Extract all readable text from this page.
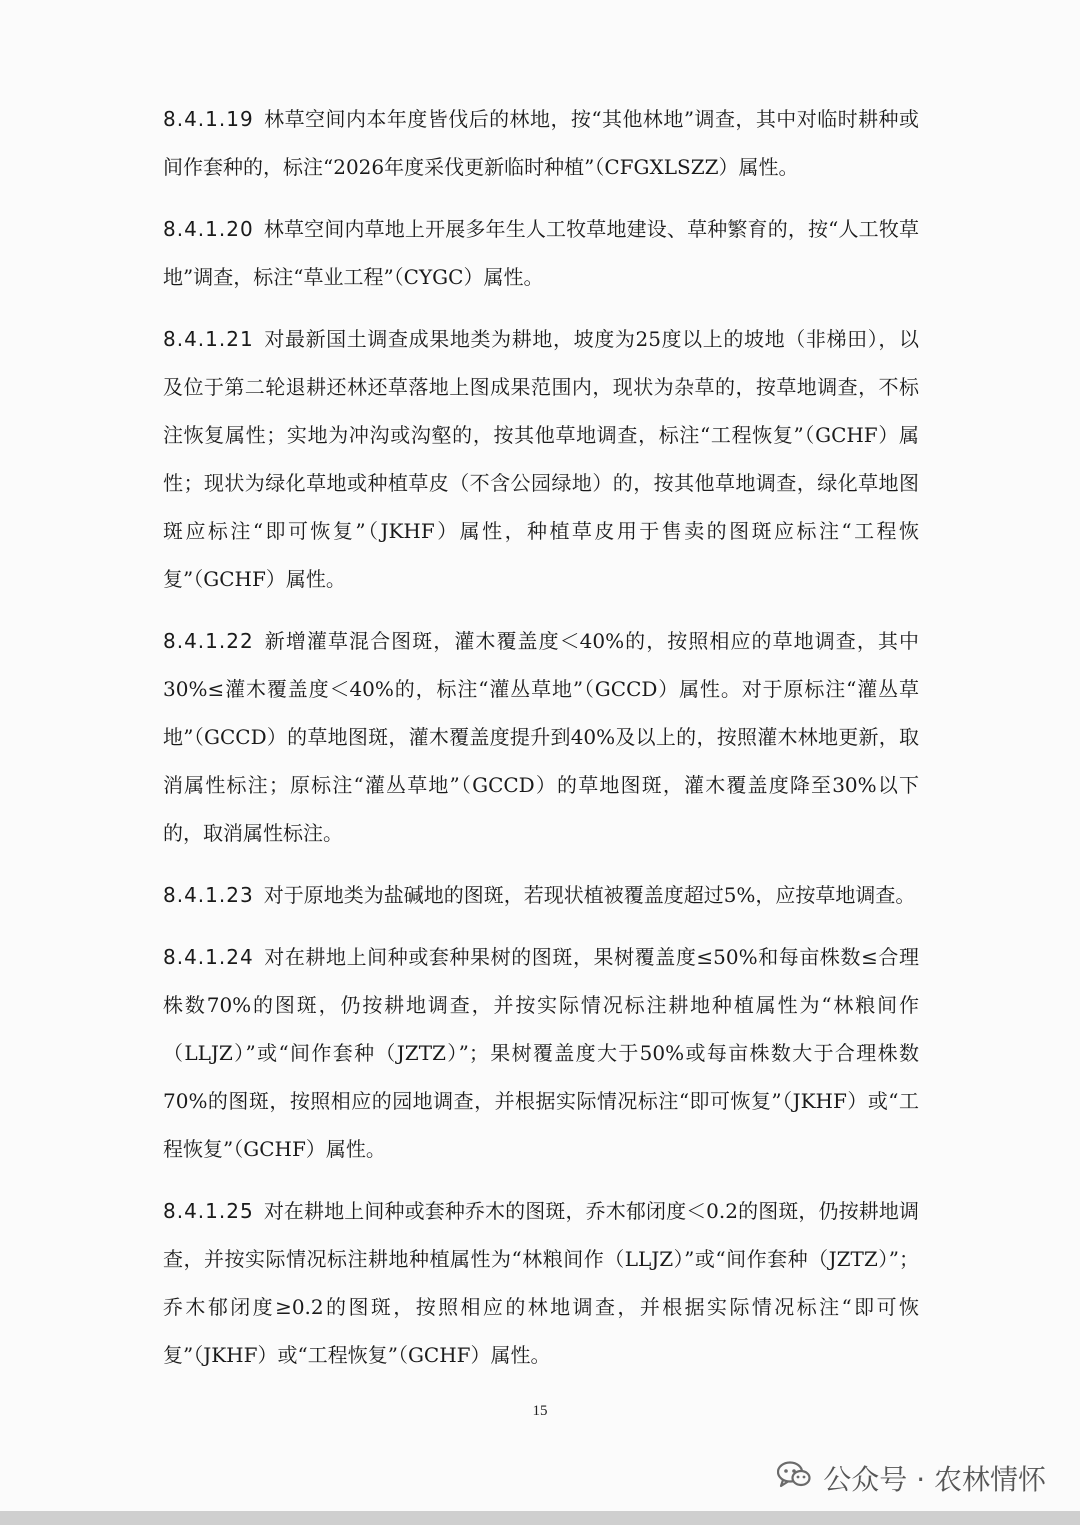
8.4.1.19 林草空间内本年度皆伐后的林地，按“其他林地”调查，其中对临时耕种或间作套种的，标注“2026年度采伐更新临时种植”（CFGXLSZZ）属性。

8.4.1.20 林草空间内草地上开展多年生人工牧草地建设、草种繁育的，按“人工牧草地”调查，标注“草业工程”（CYGC）属性。

8.4.1.21 对最新国土调查成果地类为耕地，坡度为25度以上的坡地（非梯田），以及位于第二轮退耕还林还草落地上图成果范围内，现状为杂草的，按草地调查，不标注恢复属性；实地为冲沟或沟壑的，按其他草地调查，标注“工程恢复”（GCHF）属性；现状为绿化草地或种植草皮（不含公园绿地）的，按其他草地调查，绿化草地图斑应标注“即可恢复”（JKHF）属性，种植草皮用于售卖的图斑应标注“工程恢复”（GCHF）属性。

8.4.1.22 新增灌草混合图斑，灌木覆盖度＜40%的，按照相应的草地调查，其中30%≤灌木覆盖度＜40%的，标注“灌丛草地”（GCCD）属性。对于原标注“灌丛草地”（GCCD）的草地图斑，灌木覆盖度提升到40%及以上的，按照灌木林地更新，取消属性标注；原标注“灌丛草地”（GCCD）的草地图斑，灌木覆盖度降至30%以下的，取消属性标注。

8.4.1.23 对于原地类为盐碱地的图斑，若现状植被覆盖度超过5%，应按草地调查。

8.4.1.24 对在耕地上间种或套种果树的图斑，果树覆盖度≤50%和每亩株数≤合理株数70%的图斑，仍按耕地调查，并按实际情况标注耕地种植属性为“林粮间作（LLJZ）”或“间作套种（JZTZ）”；果树覆盖度大于50%或每亩株数大于合理株数70%的图斑，按照相应的园地调查，并根据实际情况标注“即可恢复”（JKHF）或“工程恢复”（GCHF）属性。

8.4.1.25 对在耕地上间种或套种乔木的图斑，乔木郁闭度＜0.2的图斑，仍按耕地调查，并按实际情况标注耕地种植属性为“林粮间作（LLJZ）”或“间作套种（JZTZ）”；乔木郁闭度≥0.2的图斑，按照相应的林地调查，并根据实际情况标注“即可恢复”（JKHF）或“工程恢复”（GCHF）属性。

15
公众号 · 农林情怀
